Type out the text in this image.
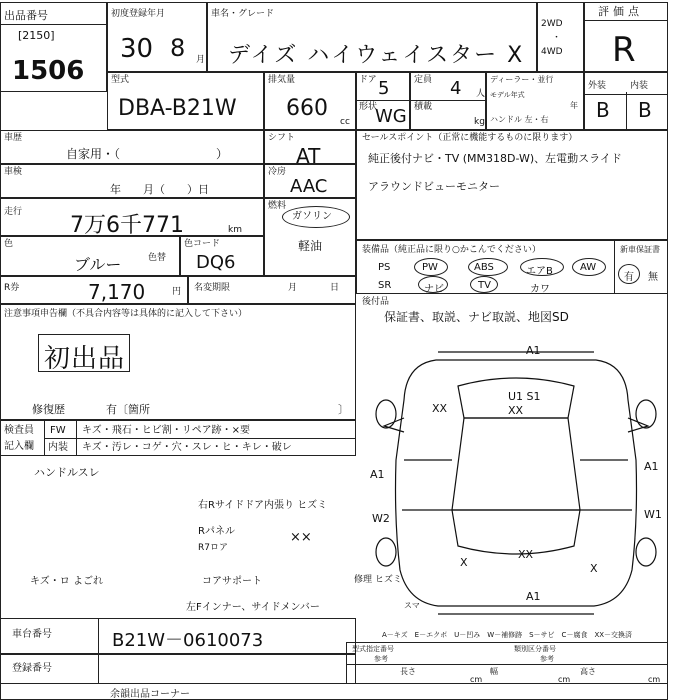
出品番号
[2150]
1506
初度登録年月
30 8 月
車名・グレード
デイズ ハイウェイスター X
2WD
・
4WD
評価点
R
型式
DBA-B21W
排気量
660
cc
ドア 5
形状
WG
定員 4 人
積載
kg
ディーラー・並行
モデル年式
年
ハンドル 左・右
外装	内装
B B
車歴
自家用・（　　　　　　　　）
シフト
AT
車検
年　　月（　　）日
冷房
AAC
走行
7万6千771	km
燃料
ガソリン
軽油
色
ブルー	色替
色コード
DQ6
R券	7,170	円 名変期限	月	日
セールスポイント（正常に機能するものに限ります）
純正後付ナビ・TV (MM318D-W)、左電動スライド
アラウンドビューモニター
装備品（純正品に限り○かこんでください）	新車保証書
PS	PW	ABS	エアB	AW
SR	ナビ	TV	カワ
有 無
後付品
保証書、取説、ナビ取説、地図SD
注意事項申告欄（不具合内容等は具体的に記入して下さい）
初出品
修復歴	有〔箇所	〕
検査員
記入欄
FW キズ・飛石・ヒビ割・リペア跡・×要
内装 キズ・汚レ・コゲ・穴・スレ・ヒ・キレ・破レ
ハンドルスレ
右Rサイドドア内張り ヒズミ
Rパネル
R7ロア
××
キズ・ロ よごれ	コアサポート
左Fインナー、サイドメンバー
修理 ヒズミ
スマ
A1
U1 S1
XX
XX
A1
A1
W1
W2
XX
A1
X	X
A－キズ　E－エクボ　U－凹み　W－補修跡　S－サビ　C－腐食　XX－交換済
車台番号	B21W－0610073
登録番号
型式指定番号
参考
類別区分番号
参考
長さ	幅	高さ
cm	cm	cm
余韻出品コーナー
